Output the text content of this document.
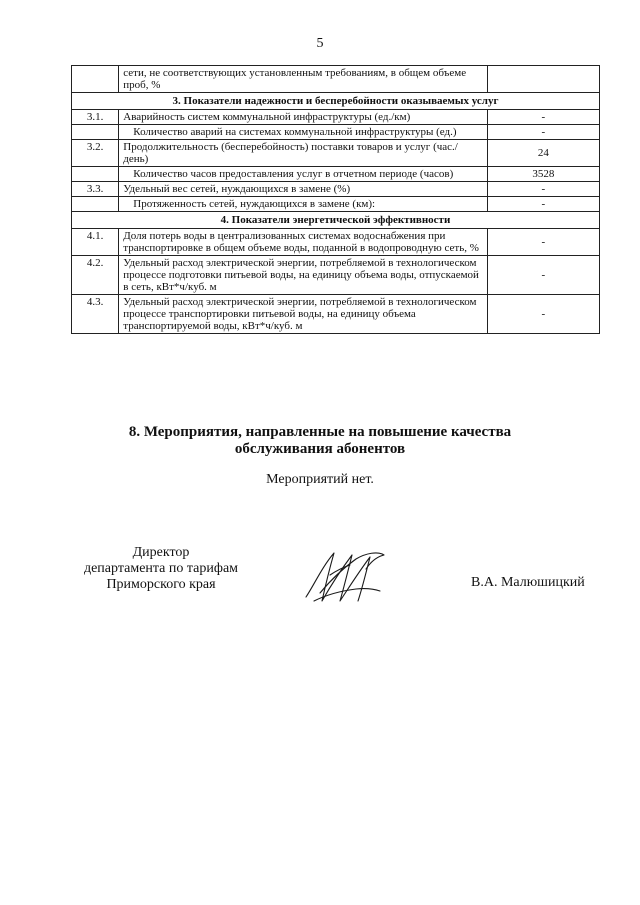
5
	сети, не соответствующих установленным требованиям, в общем объеме проб, %	
3. Показатели надежности и бесперебойности оказываемых услуг		
3.1.	Аварийность систем коммунальной инфраструктуры (ед./км)	-
	Количество аварий на системах коммунальной инфраструктуры (ед.)	-
3.2.	Продолжительность (бесперебойность) поставки товаров и услуг (час./день)	24
	Количество часов предоставления услуг в отчетном периоде (часов)	3528
3.3.	Удельный вес сетей, нуждающихся в замене (%)	-
	Протяженность сетей, нуждающихся в замене (км):	-
4. Показатели энергетической эффективности		
4.1.	Доля потерь воды в централизованных системах водоснабжения при транспортировке в общем объеме воды, поданной в водопроводную сеть, %	-
4.2.	Удельный расход электрической энергии, потребляемой в технологическом процессе подготовки питьевой воды, на единицу объема воды, отпускаемой в сеть, кВт*ч/куб. м	-
4.3.	Удельный расход электрической энергии, потребляемой в технологическом процессе транспортировки питьевой воды, на единицу объема транспортируемой воды, кВт*ч/куб. м	-
8. Мероприятия, направленные на повышение качества
обслуживания абонентов
Мероприятий нет.
Директор
департамента по тарифам
Приморского края	В.А. Малюшицкий
